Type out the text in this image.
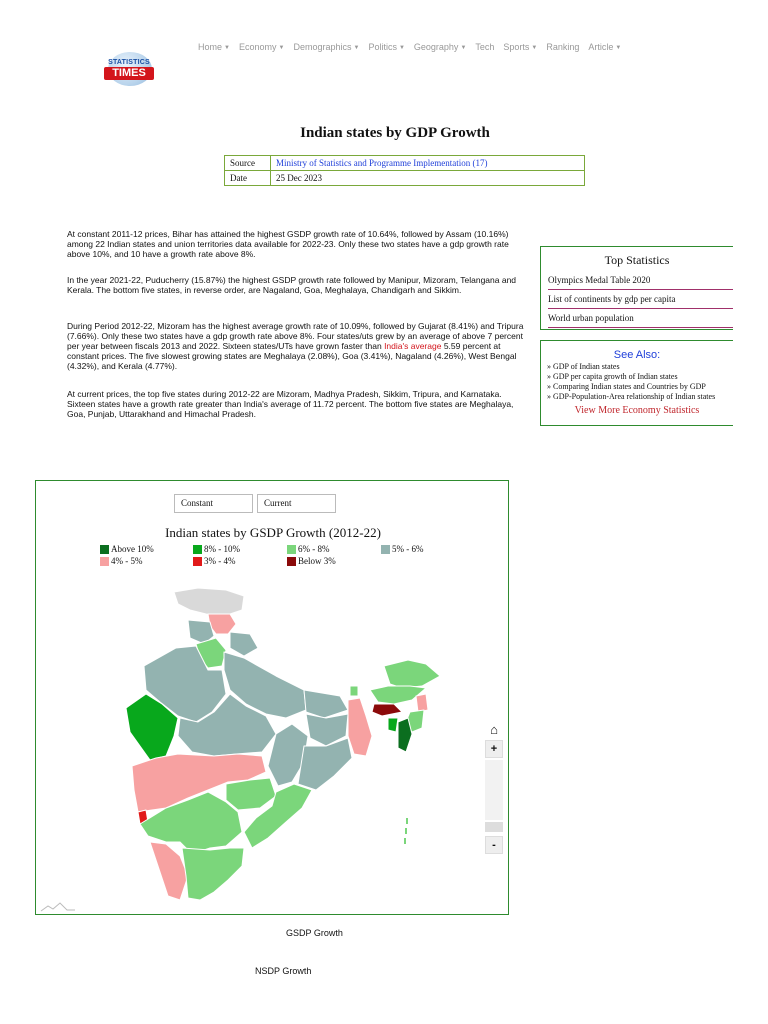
STATISTICS
TIMES
Home ▼ Economy ▼ Demographics ▼ Politics ▼ Geography ▼ Tech Sports ▼ Ranking Article ▼
Indian states by GDP Growth
Source	Ministry of Statistics and Programme Implementation (17)
Date	25 Dec 2023

At constant 2011-12 prices, Bihar has attained the highest GSDP growth rate of 10.64%, followed by Assam (10.16%) among 22 Indian states and union territories data available for 2022-23. Only these two states have a gdp growth rate above 10%, and 10 have a growth rate above 8%.

In the year 2021-22, Puducherry (15.87%) the highest GSDP growth rate followed by Manipur, Mizoram, Telangana and Kerala. The bottom five states, in reverse order, are Nagaland, Goa, Meghalaya, Chandigarh and Sikkim.

During Period 2012-22, Mizoram has the highest average growth rate of 10.09%, followed by Gujarat (8.41%) and Tripura (7.66%). Only these two states have a gdp growth rate above 8%. Four states/uts grew by an average of above 7 percent per year between fiscals 2013 and 2022. Sixteen states/UTs have grown faster than India's average 5.59 percent at constant prices. The five slowest growing states are Meghalaya (2.08%), Goa (3.41%), Nagaland (4.26%), West Bengal (4.32%), and Kerala (4.77%).

At current prices, the top five states during 2012-22 are Mizoram, Madhya Pradesh, Sikkim, Tripura, and Karnataka. Sixteen states have a growth rate greater than India's average of 11.72 percent. The bottom five states are Meghalaya, Goa, Punjab, Uttarakhand and Himachal Pradesh.

Top Statistics
Olympics Medal Table 2020
List of continents by gdp per capita
World urban population
See Also:
» GDP of Indian states
» GDP per capita growth of Indian states
» Comparing Indian states and Countries by GDP
» GDP-Population-Area relationship of Indian states
View More Economy Statistics
Constant	Current
Indian states by GSDP Growth (2012-22)
Above 10%	8% - 10%	6% - 8%	5% - 6%
4% - 5%	3% - 4%	Below 3%
⌂
+
-
GSDP Growth
NSDP Growth
